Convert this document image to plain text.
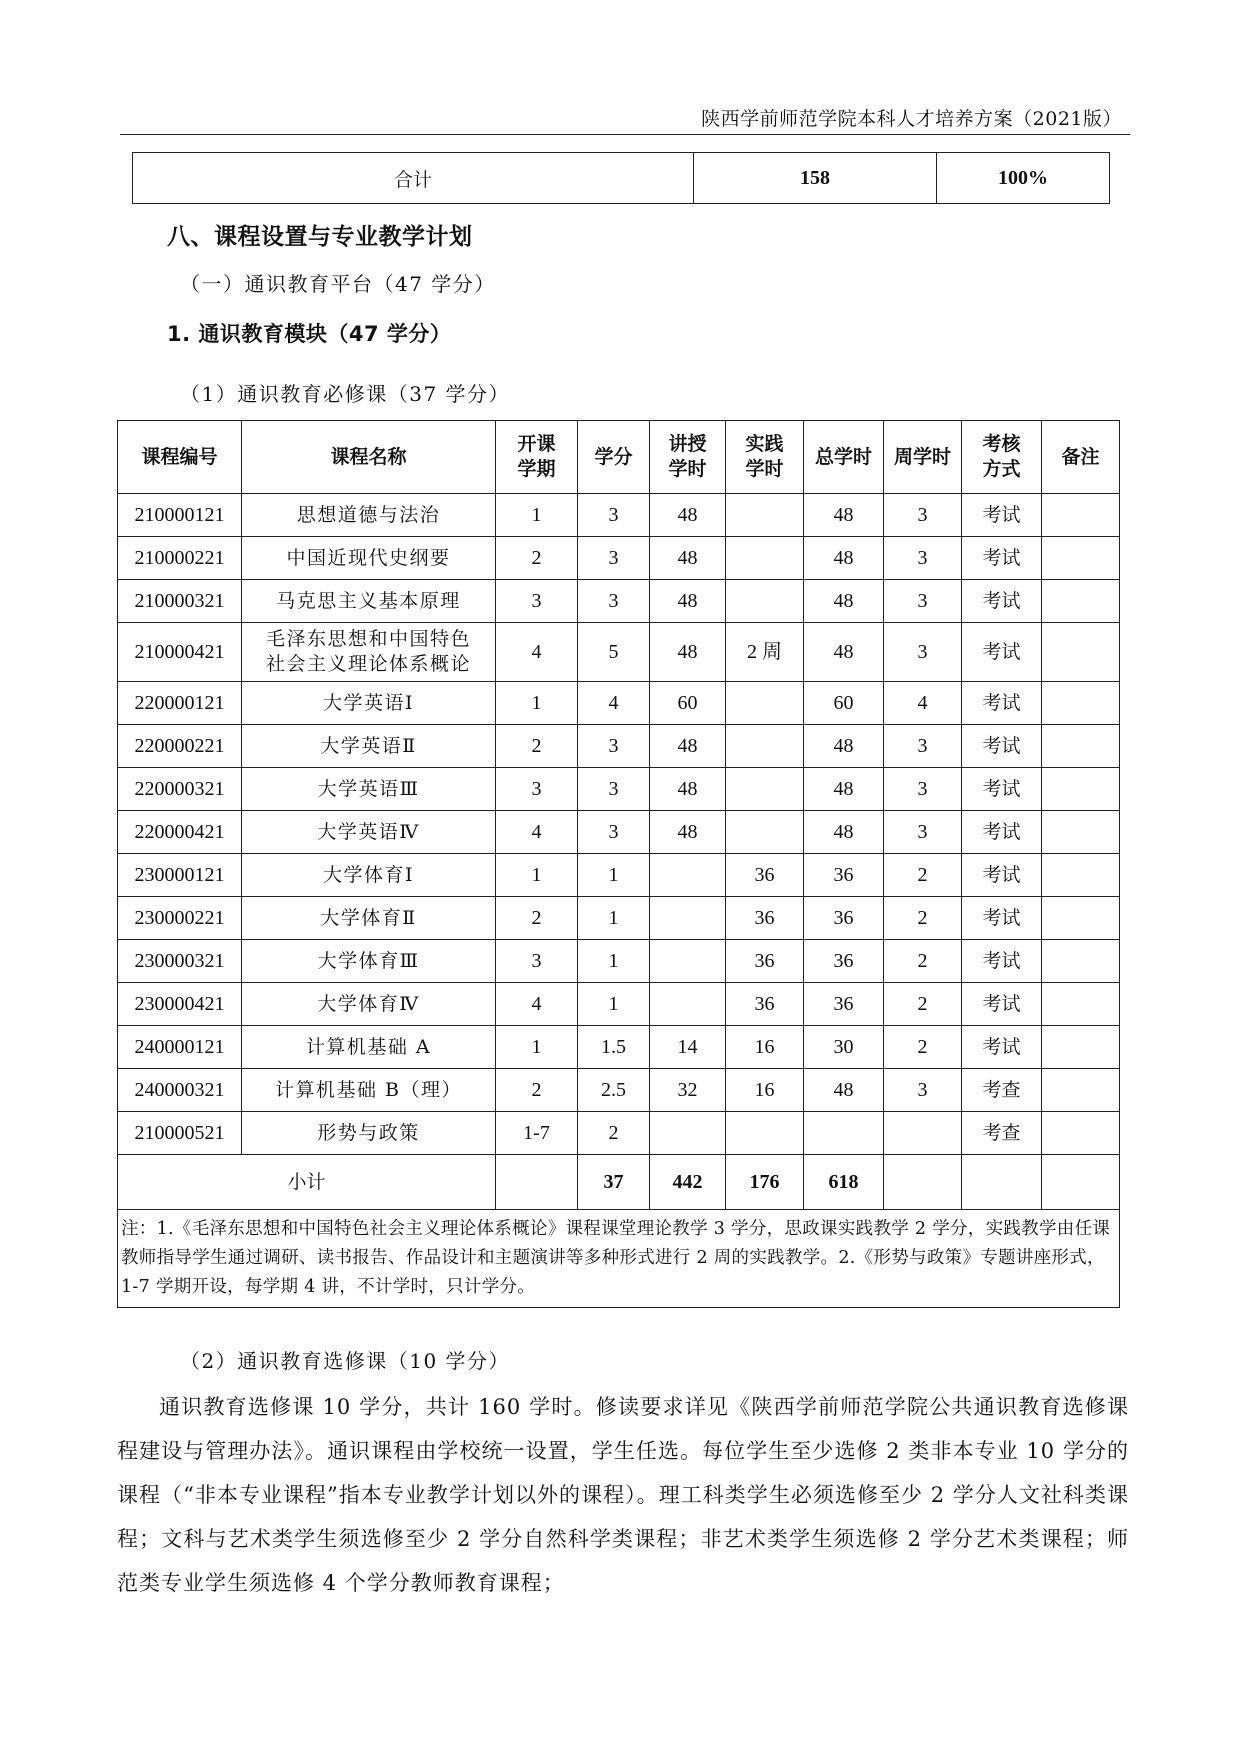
陕西学前师范学院本科人才培养方案（2021版）
合计	158	100%
八、课程设置与专业教学计划
（一）通识教育平台（47 学分）
1. 通识教育模块（47 学分）
（1）通识教育必修课（37 学分）
课程编号	课程名称	开课学期	学分	讲授学时	实践学时	总学时	周学时	考核方式	备注
210000121	思想道德与法治	1	3	48		48	3	考试	
210000221	中国近现代史纲要	2	3	48		48	3	考试	
210000321	马克思主义基本原理	3	3	48		48	3	考试	
210000421	毛泽东思想和中国特色社会主义理论体系概论	4	5	48	2 周	48	3	考试	
220000121	大学英语Ⅰ	1	4	60		60	4	考试	
220000221	大学英语Ⅱ	2	3	48		48	3	考试	
220000321	大学英语Ⅲ	3	3	48		48	3	考试	
220000421	大学英语Ⅳ	4	3	48		48	3	考试	
230000121	大学体育Ⅰ	1	1		36	36	2	考试	
230000221	大学体育Ⅱ	2	1		36	36	2	考试	
230000321	大学体育Ⅲ	3	1		36	36	2	考试	
230000421	大学体育Ⅳ	4	1		36	36	2	考试	
240000121	计算机基础 A	1	1.5	14	16	30	2	考试	
240000321	计算机基础 B（理）	2	2.5	32	16	48	3	考查	
210000521	形势与政策	1-7	2					考查	
小计			37	442	176	618			
注：1.《毛泽东思想和中国特色社会主义理论体系概论》课程课堂理论教学 3 学分，思政课实践教学 2 学分，实践教学由任课教师指导学生通过调研、读书报告、作品设计和主题演讲等多种形式进行 2 周的实践教学。2.《形势与政策》专题讲座形式，1-7 学期开设，每学期 4 讲，不计学时，只计学分。									
（2）通识教育选修课（10 学分）
通识教育选修课 10 学分，共计 160 学时。修读要求详见《陕西学前师范学院公共通识教育选修课程建设与管理办法》。通识课程由学校统一设置，学生任选。每位学生至少选修 2 类非本专业 10 学分的课程（“非本专业课程”指本专业教学计划以外的课程）。理工科类学生必须选修至少 2 学分人文社科类课程；文科与艺术类学生须选修至少 2 学分自然科学类课程；非艺术类学生须选修 2 学分艺术类课程；师范类专业学生须选修 4 个学分教师教育课程；
